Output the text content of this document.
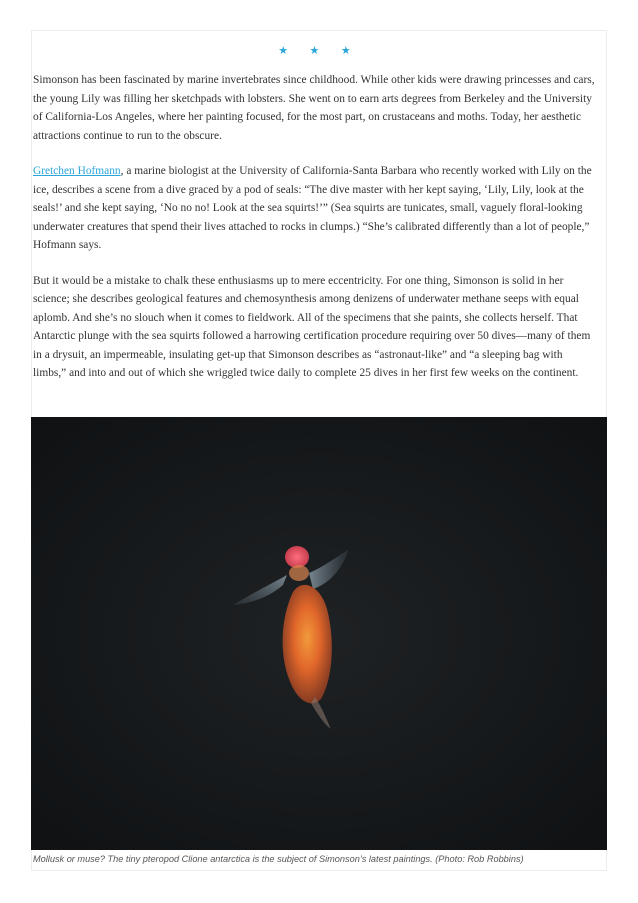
★ ★ ★

Simonson has been fascinated by marine invertebrates since childhood. While other kids were drawing princesses and cars, the young Lily was filling her sketchpads with lobsters. She went on to earn arts degrees from Berkeley and the University of California-Los Angeles, where her painting focused, for the most part, on crustaceans and moths. Today, her aesthetic attractions continue to run to the obscure.

Gretchen Hofmann, a marine biologist at the University of California-Santa Barbara who recently worked with Lily on the ice, describes a scene from a dive graced by a pod of seals: “The dive master with her kept saying, ‘Lily, Lily, look at the seals!’ and she kept saying, ‘No no no! Look at the sea squirts!’” (Sea squirts are tunicates, small, vaguely floral-looking underwater creatures that spend their lives attached to rocks in clumps.) “She’s calibrated differently than a lot of people,” Hofmann says.

But it would be a mistake to chalk these enthusiasms up to mere eccentricity. For one thing, Simonson is solid in her science; she describes geological features and chemosynthesis among denizens of underwater methane seeps with equal aplomb. And she’s no slouch when it comes to fieldwork. All of the specimens that she paints, she collects herself. That Antarctic plunge with the sea squirts followed a harrowing certification procedure requiring over 50 dives—many of them in a drysuit, an impermeable, insulating get-up that Simonson describes as “astronaut-like” and “a sleeping bag with limbs,” and into and out of which she wriggled twice daily to complete 25 dives in her first few weeks on the continent.

Mollusk or muse? The tiny pteropod Clione antarctica is the subject of Simonson’s latest paintings. (Photo: Rob Robbins)
